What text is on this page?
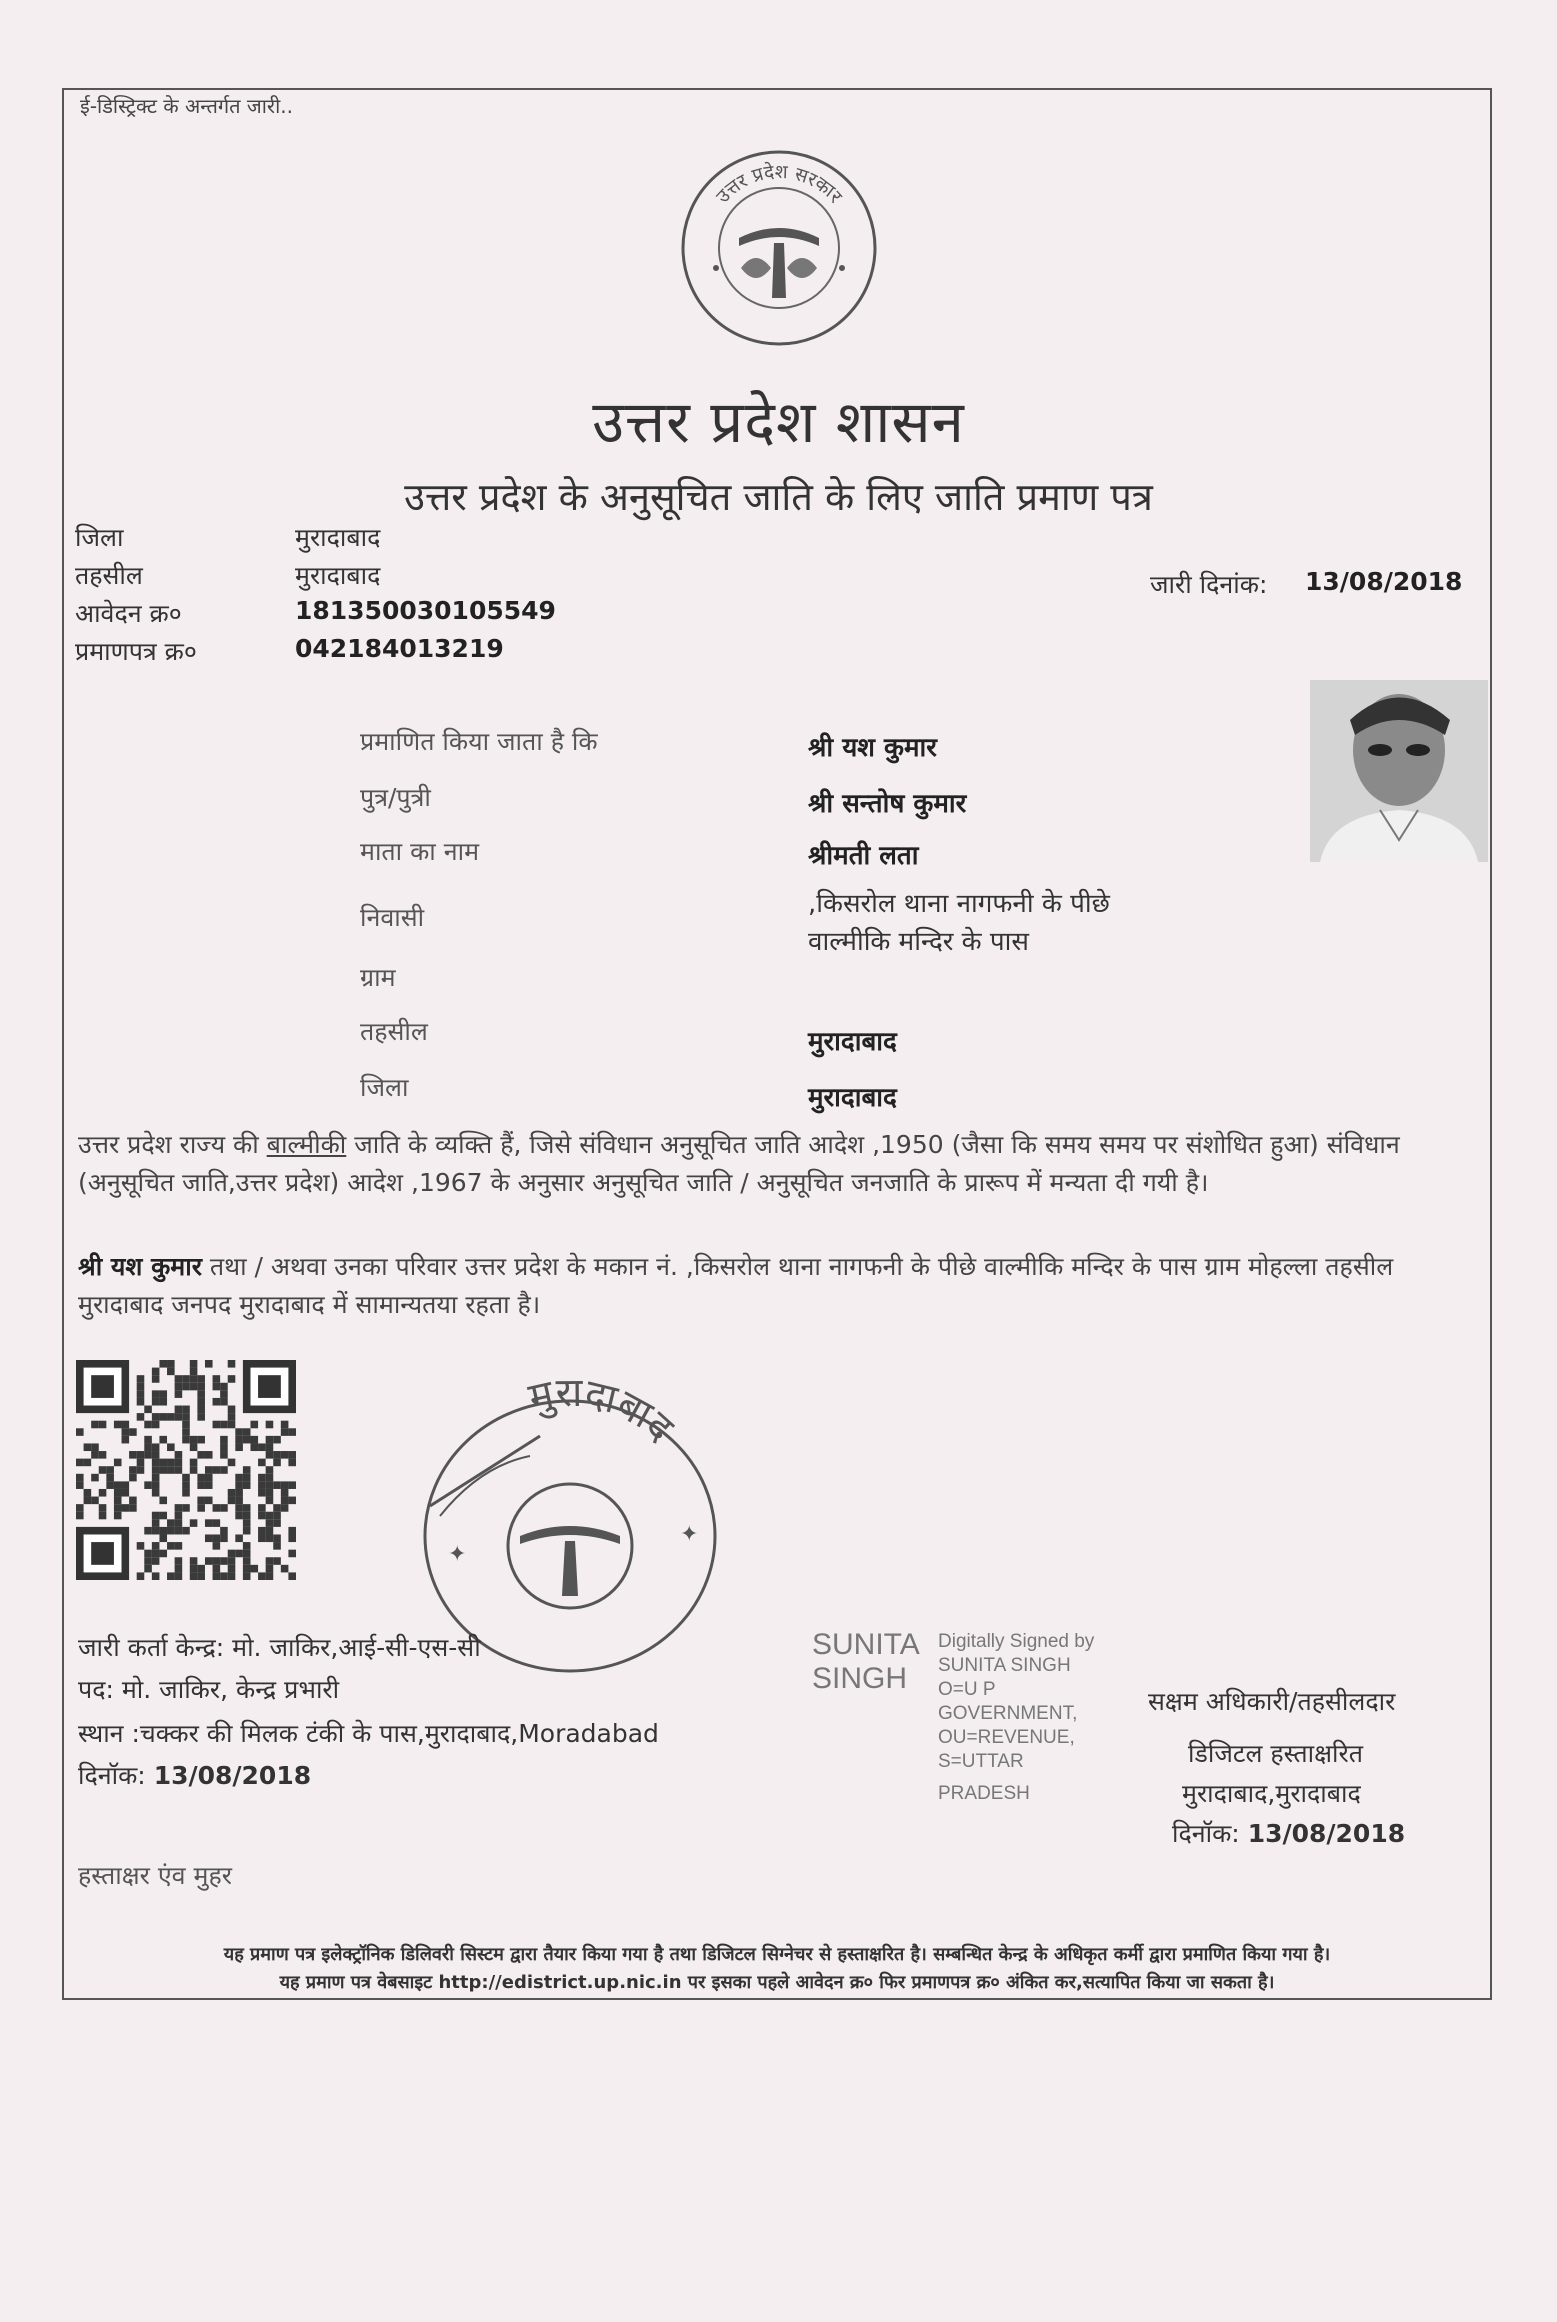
ई-डिस्ट्रिक्ट के अन्तर्गत जारी..
उत्तर प्रदेश सरकार
उत्तर प्रदेश शासन
उत्तर प्रदेश के अनुसूचित जाति के लिए जाति प्रमाण पत्र
जिला	मुरादाबाद
तहसील	मुरादाबाद
आवेदन क्र०	181350030105549
प्रमाणपत्र क्र०	042184013219
जारी दिनांक: 13/08/2018
प्रमाणित किया जाता है कि	श्री यश कुमार
पुत्र/पुत्री	श्री सन्तोष कुमार
माता का नाम	श्रीमती लता
निवासी	,किसरोल थाना नागफनी के पीछे
वाल्मीकि मन्दिर के पास
ग्राम
तहसील	मुरादाबाद
जिला	मुरादाबाद
उत्तर प्रदेश राज्य की बाल्मीकी जाति के व्यक्ति हैं, जिसे संविधान अनुसूचित जाति आदेश ,1950 (जैसा कि समय समय पर संशोधित हुआ) संविधान (अनुसूचित जाति,उत्तर प्रदेश) आदेश ,1967 के अनुसार अनुसूचित जाति / अनुसूचित जनजाति के प्रारूप में मन्यता दी गयी है।
श्री यश कुमार तथा / अथवा उनका परिवार उत्तर प्रदेश के मकान नं. ,किसरोल थाना नागफनी के पीछे वाल्मीकि मन्दिर के पास ग्राम मोहल्ला तहसील मुरादाबाद जनपद मुरादाबाद में सामान्यतया रहता है।
मुरादाबाद
✦
✦
जारी कर्ता केन्द्र: मो. जाकिर,आई-सी-एस-सी
पद: मो. जाकिर, केन्द्र प्रभारी
स्थान :चक्कर की मिलक टंकी के पास,मुरादाबाद,Moradabad
दिनॉक: 13/08/2018
SUNITA
SINGH
Digitally Signed by
SUNITA SINGH
O=U P
GOVERNMENT,
OU=REVENUE,
S=UTTAR
PRADESH
सक्षम अधिकारी/तहसीलदार
डिजिटल हस्ताक्षरित
मुरादाबाद,मुरादाबाद
दिनॉक: 13/08/2018
हस्ताक्षर एंव मुहर
यह प्रमाण पत्र इलेक्ट्रॉनिक डिलिवरी सिस्टम द्वारा तैयार किया गया है तथा डिजिटल सिग्नेचर से हस्ताक्षरित है। सम्बन्धित केन्द्र के अधिकृत कर्मी द्वारा प्रमाणित किया गया है।
यह प्रमाण पत्र वेबसाइट http://edistrict.up.nic.in पर इसका पहले आवेदन क्र० फिर प्रमाणपत्र क्र० अंकित कर,सत्यापित किया जा सकता है।
